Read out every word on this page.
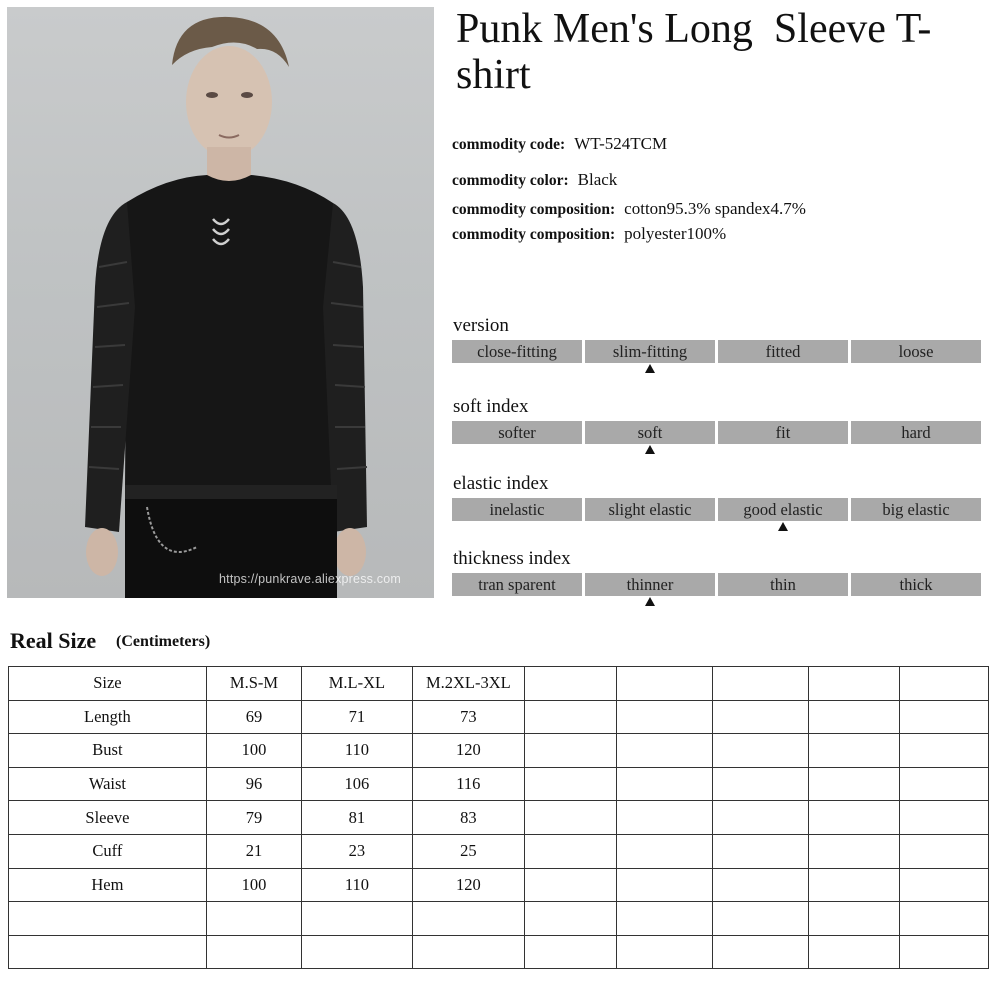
https://punkrave.aliexpress.com
Punk Men's Long  Sleeve T-shirt
commodity code: WT-524TCM
commodity color: Black
commodity composition: cotton95.3% spandex4.7%
commodity composition: polyester100%
version
close-fitting	slim-fitting	fitted	loose
soft index
softer	soft	fit	hard
elastic index
inelastic	slight elastic	good elastic	big elastic
thickness index
tran sparent	thinner	thin	thick
Real Size (Centimeters)
Size	M.S-M	M.L-XL	M.2XL-3XL					
Length	69	71	73					
Bust	100	110	120					
Waist	96	106	116					
Sleeve	79	81	83					
Cuff	21	23	25					
Hem	100	110	120					
